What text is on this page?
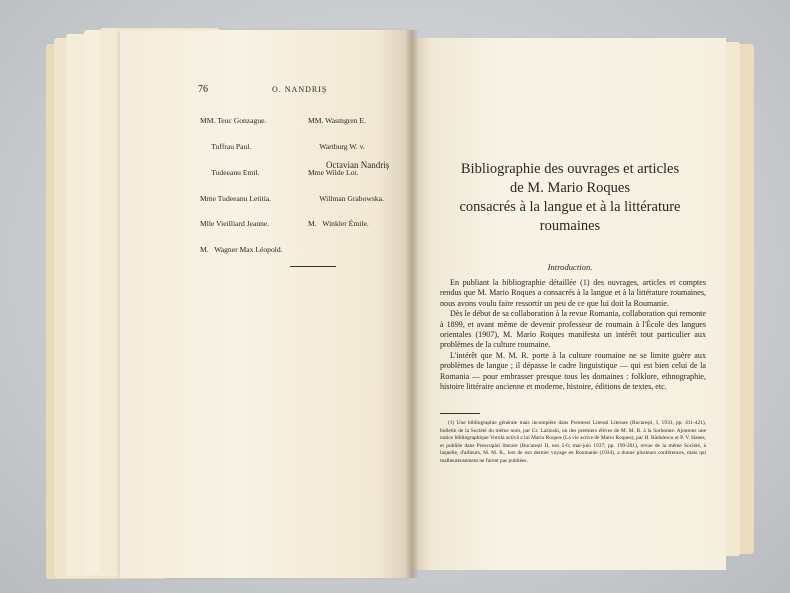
76	O. NANDRIȘ

MM. Teuc Gonzague.

Tuffrau Paul.

Tudeeanu Emil.

Mme Tudeeanu Letitia.

Mlle Vieilliard Jeanne.

M.   Wagner Max Léopold.

MM. Wasmgren E.

Wartburg W. v.

Mme Wilde Lot.

Willman Grabowska.

M.   Winkler Émile.

Octavian Nandriș	Bibliographie des ouvrages et articles
de M. Mario Roques
consacrés à la langue et à la littérature
roumaines
Introduction.

En publiant la bibliographie détaillée (1) des ouvrages, articles et comptes rendus que M. Mario Roques a consacrés à la langue et à la littérature roumaines, nous avons voulu faire ressortir un peu de ce que lui doit la Roumanie.

Dès le début de sa collaboration à la revue Romania, collaboration qui remonte à 1899, et avant même de devenir professeur de roumain à l'École des langues orientales (1907), M. Mario Roques manifesta un intérêt tout particulier aux problèmes de la culture roumaine.

L'intérêt que M. M. R. porte à la culture roumaine ne se limite guère aux problèmes de langue ; il dépasse le cadre linguistique — qui est bien celui de la Romania — pour embrasser presque tous les domaines : folklore, ethnographie, histoire littéraire ancienne et moderne, histoire, éditions de textes, etc.

(1) Une bibliographie générale mais incomplète dans Preotesei Literati Literare (Bucarești, I, 1933, pp. 411-421), bulletin de la Société du même nom, par Gr. Lazinski, un des premiers élèves de M. M. R. à la Sorbonne. Ajoutons une notice bibliographique Vorofa activă a lui Mario Roques (La vie active de Mario Roques), par H. Rădulescu et P. V. Hanes, et publiée dans Preocupări literare (Bucarești II, nos 5-6; mai-juin 1937; pp. 199-201), revue de la même Société, à laquelle, d'ailleurs, M. M. R., lors de son dernier voyage en Roumanie (1934), a donné plusieurs conférences, mais qui malheureusement ne furent pas publiées.
